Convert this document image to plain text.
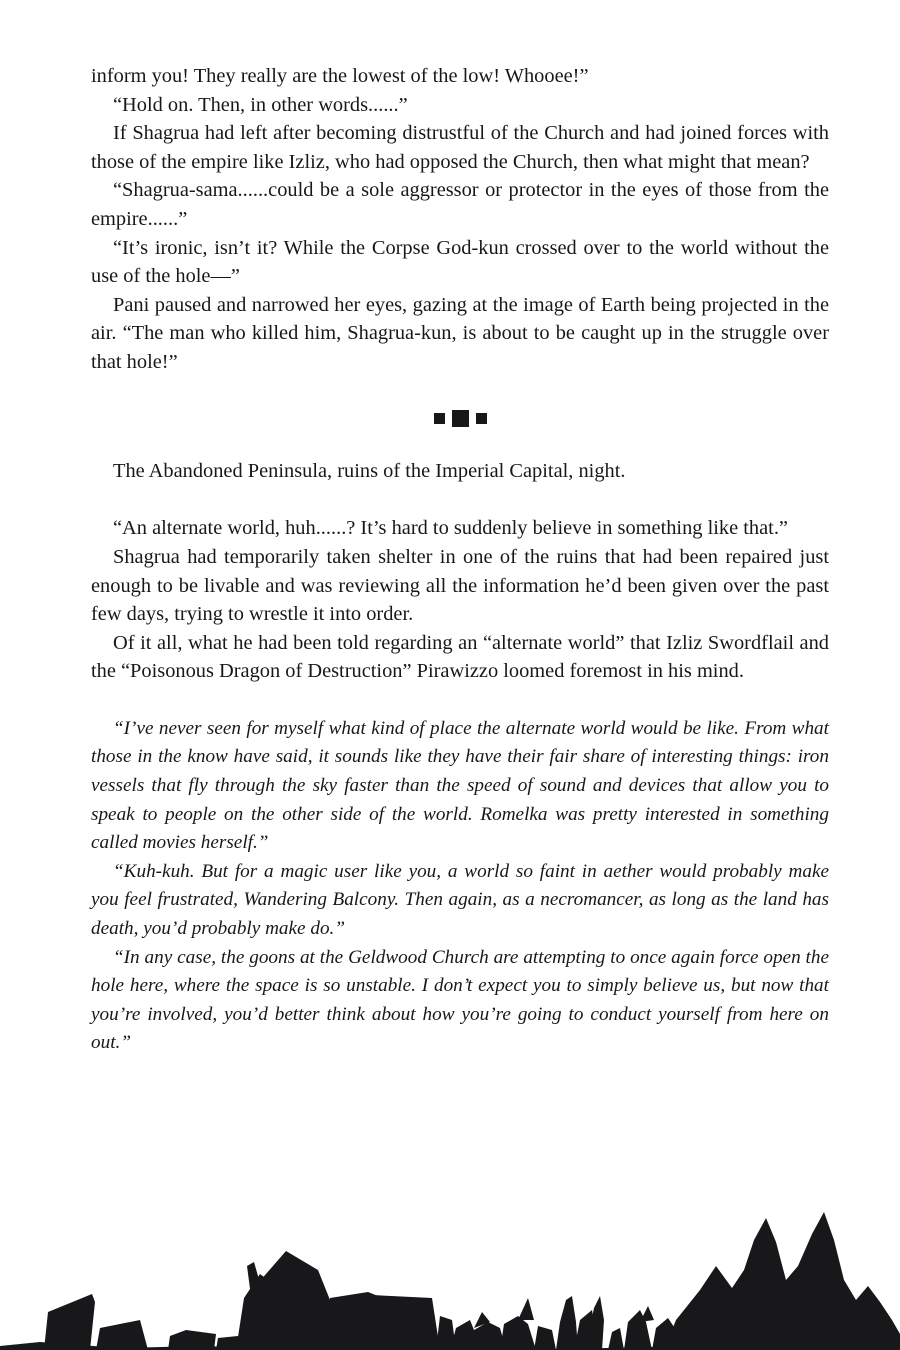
inform you! They really are the lowest of the low! Whooee!”

“Hold on. Then, in other words......”

If Shagrua had left after becoming distrustful of the Church and had joined forces with those of the empire like Izliz, who had opposed the Church, then what might that mean?

“Shagrua-sama......could be a sole aggressor or protector in the eyes of those from the empire......”

“It’s ironic, isn’t it? While the Corpse God-kun crossed over to the world without the use of the hole—”

Pani paused and narrowed her eyes, gazing at the image of Earth being projected in the air. “The man who killed him, Shagrua-kun, is about to be caught up in the struggle over that hole!”

The Abandoned Peninsula, ruins of the Imperial Capital, night.

“An alternate world, huh......? It’s hard to suddenly believe in something like that.”

Shagrua had temporarily taken shelter in one of the ruins that had been repaired just enough to be livable and was reviewing all the information he’d been given over the past few days, trying to wrestle it into order.

Of it all, what he had been told regarding an “alternate world” that Izliz Swordflail and the “Poisonous Dragon of Destruction” Pirawizzo loomed foremost in his mind.

“I’ve never seen for myself what kind of place the alternate world would be like. From what those in the know have said, it sounds like they have their fair share of interesting things: iron vessels that fly through the sky faster than the speed of sound and devices that allow you to speak to people on the other side of the world. Romelka was pretty interested in something called movies herself.”

“Kuh-kuh. But for a magic user like you, a world so faint in aether would probably make you feel frustrated, Wandering Balcony. Then again, as a necromancer, as long as the land has death, you’d probably make do.”

“In any case, the goons at the Geldwood Church are attempting to once again force open the hole here, where the space is so unstable. I don’t expect you to simply believe us, but now that you’re involved, you’d better think about how you’re going to conduct yourself from here on out.”
